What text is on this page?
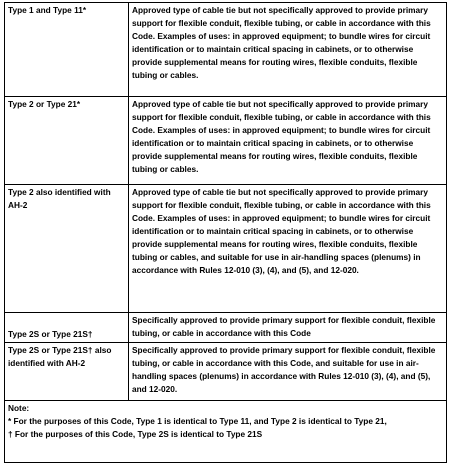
Type 1 and Type 11*	Approved type of cable tie but not specifically approved to provide primary support for flexible conduit, flexible tubing, or cable in accordance with this Code. Examples of uses: in approved equipment; to bundle wires for circuit identification or to maintain critical spacing in cabinets, or to otherwise provide supplemental means for routing wires, flexible conduits, flexible tubing or cables.
Type 2 or Type 21*	Approved type of cable tie but not specifically approved to provide primary support for flexible conduit, flexible tubing, or cable in accordance with this Code. Examples of uses: in approved equipment; to bundle wires for circuit identification or to maintain critical spacing in cabinets, or to otherwise provide supplemental means for routing wires, flexible conduits, flexible tubing or cables.
Type 2 also identified with AH-2	Approved type of cable tie but not specifically approved to provide primary support for flexible conduit, flexible tubing, or cable in accordance with this Code. Examples of uses: in approved equipment; to bundle wires for circuit identification or to maintain critical spacing in cabinets, or to otherwise provide supplemental means for routing wires, flexible conduits, flexible tubing or cables, and suitable for use in air-handling spaces (plenums) in accordance with Rules 12-010 (3), (4), and (5), and 12-020.
Type 2S or Type 21S†	Specifically approved to provide primary support for flexible conduit, flexible tubing, or cable in accordance with this Code
Type 2S or Type 21S† also identified with AH-2	Specifically approved to provide primary support for flexible conduit, flexible tubing, or cable in accordance with this Code, and suitable for use in air-handling spaces (plenums) in accordance with Rules 12-010 (3), (4), and (5), and 12-020.

Note:
* For the purposes of this Code, Type 1 is identical to Type 11, and Type 2 is identical to Type 21,
† For the purposes of this Code, Type 2S is identical to Type 21S	
